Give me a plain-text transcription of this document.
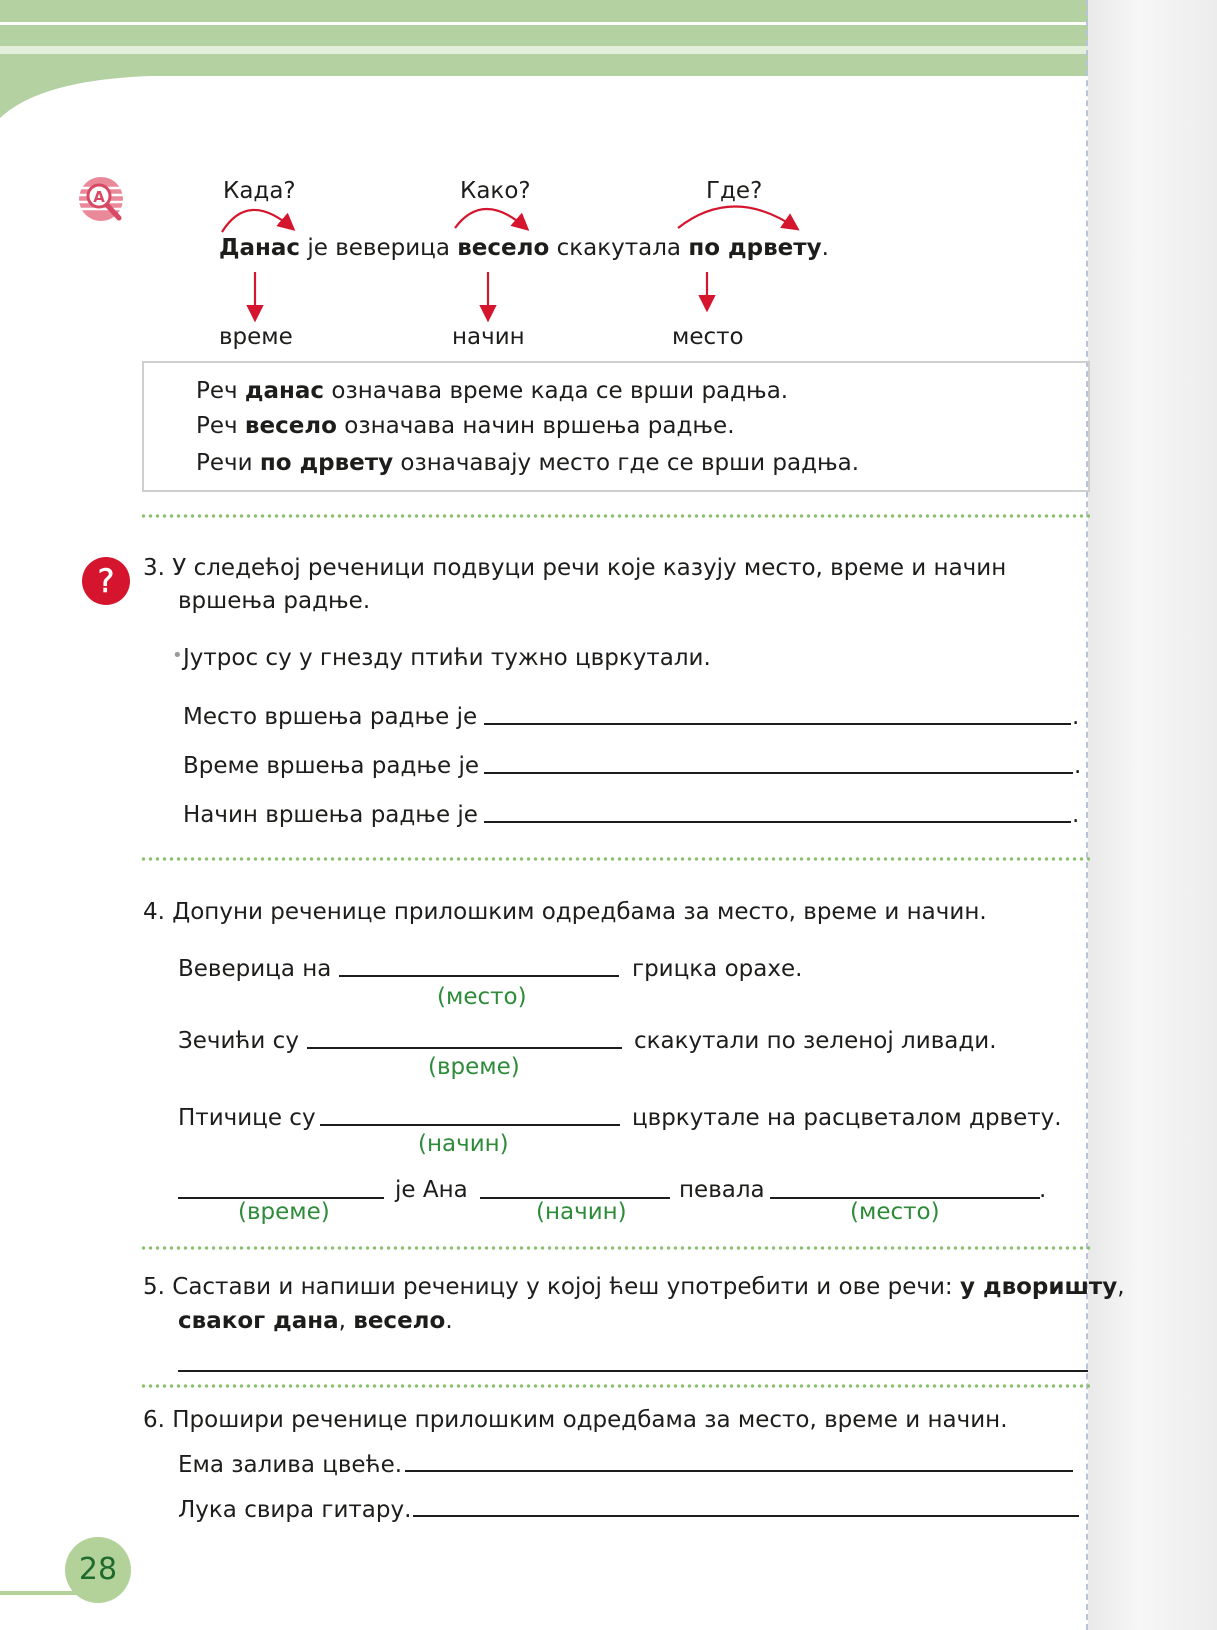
A	Када?	Како?	Где?
Данас је веверица весело скакутала по дрвету.
време	начин	место
Реч данас означава време када се врши радња.
Реч весело означава начин вршења радње.
Речи по дрвету означавају место где се врши радња.
? 3. У следећој реченици подвуци речи које казују место, време и начин
вршења радње.
• Јутрос су у гнезду птићи тужно цвркутали.
Место вршења радње је	.
Време вршења радње је	.
Начин вршења радње је	.
4. Допуни реченице прилошким одредбама за место, време и начин.
Веверица на	грицка орахе.
(место)
Зечићи су	скакутали по зеленој ливади.
(време)
Птичице су	цвркутале на расцветалом дрвету.
(начин)
је Ана	певала	.
(време)	(начин)	(место)
5. Састави и напиши реченицу у којој ћеш употребити и ове речи: у дворишту,
сваког дана, весело.
6. Прошири реченице прилошким одредбама за место, време и начин.
Ема залива цвеће.
Лука свира гитару.
28
